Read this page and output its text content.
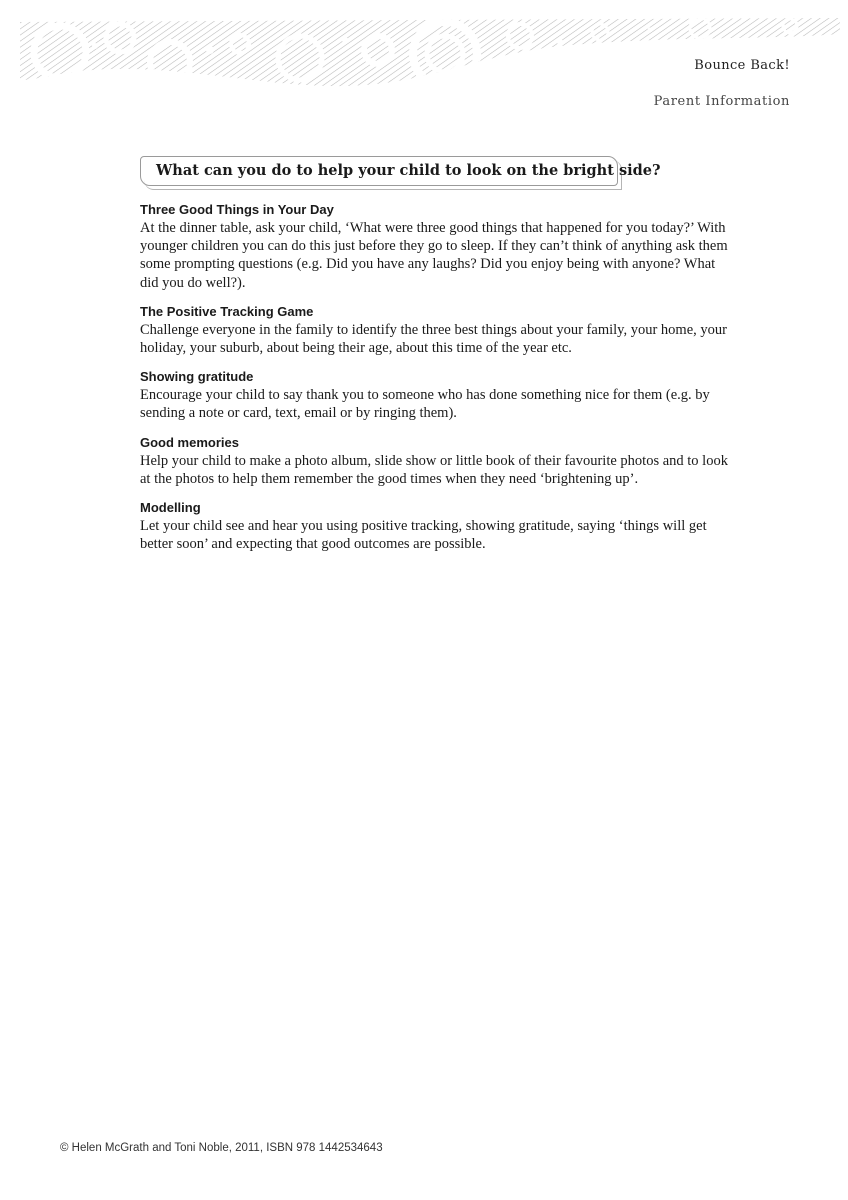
Bounce Back!
Parent Information
What can you do to help your child to look on the bright side?
Three Good Things in Your Day

At the dinner table, ask your child, ‘What were three good things that happened for you today?’ With younger children you can do this just before they go to sleep. If they can’t think of anything ask them some prompting questions (e.g. Did you have any laughs? Did you enjoy being with anyone? What did you do well?).

The Positive Tracking Game

Challenge everyone in the family to identify the three best things about your family, your home, your holiday, your suburb, about being their age, about this time of the year etc.

Showing gratitude

Encourage your child to say thank you to someone who has done something nice for them (e.g. by sending a note or card, text, email or by ringing them).

Good memories

Help your child to make a photo album, slide show or little book of their favourite photos and to look at the photos to help them remember the good times when they need ‘brightening up’.

Modelling

Let your child see and hear you using positive tracking, showing gratitude, saying ‘things will get better soon’ and expecting that good outcomes are possible.

© Helen McGrath and Toni Noble, 2011, ISBN 978 1442534643
